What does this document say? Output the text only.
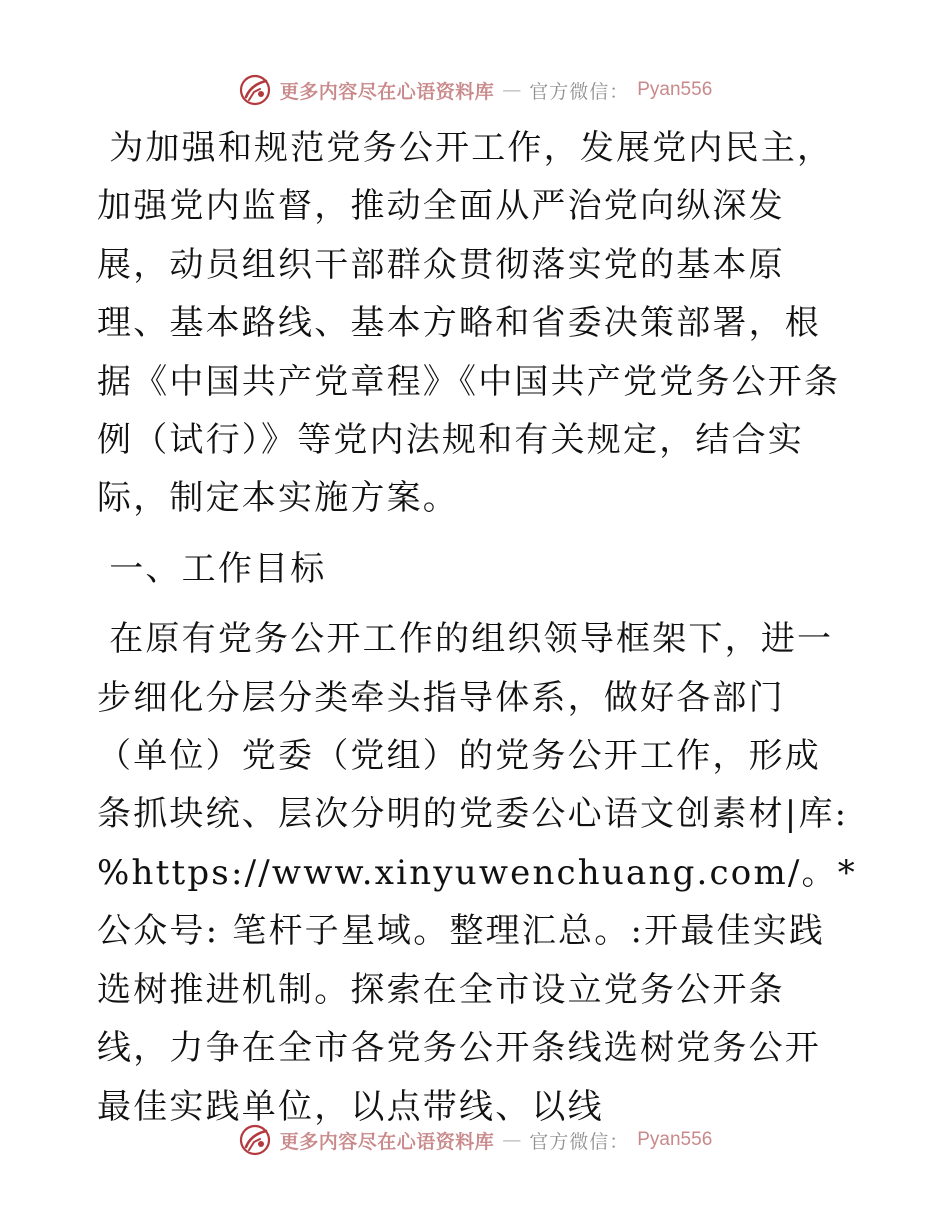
更多内容尽在心语资料库 — 官方微信： Pyan556

为加强和规范党务公开工作，发展党内民主，加强党内监督，推动全面从严治党向纵深发展，动员组织干部群众贯彻落实党的基本原理、基本路线、基本方略和省委决策部署，根据《中国共产党章程》《中国共产党党务公开条例（试行）》等党内法规和有关规定，结合实际，制定本实施方案。

一、工作目标

在原有党务公开工作的组织领导框架下，进一步细化分层分类牵头指导体系，做好各部门（单位）党委（党组）的党务公开工作，形成条抓块统、层次分明的党委公心语文创素材|库: %https://www.xinyuwenchuang.com/。*公众号: 笔杆子星域。整理汇总。:开最佳实践选树推进机制。探索在全市设立党务公开条线，力争在全市各党务公开条线选树党务公开最佳实践单位，以点带线、以线

更多内容尽在心语资料库 — 官方微信： Pyan556
